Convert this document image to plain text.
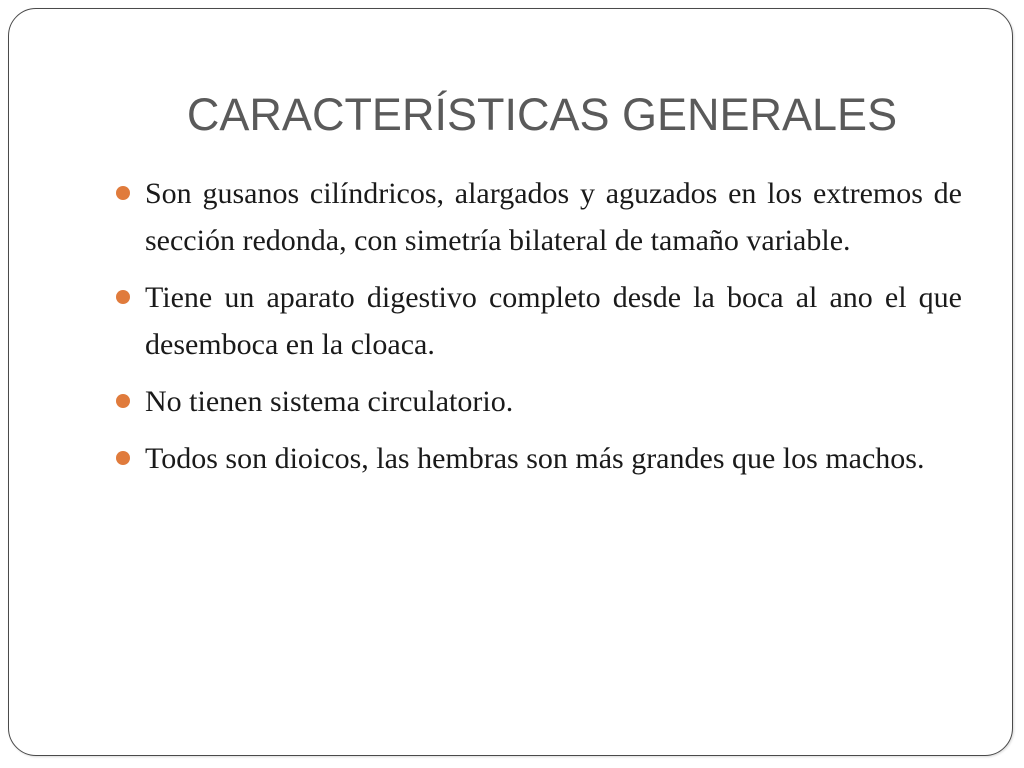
CARACTERÍSTICAS GENERALES
Son gusanos cilíndricos, alargados y aguzados en los extremos de sección redonda, con simetría bilateral de tamaño variable.
Tiene un aparato digestivo completo desde la boca al ano el que desemboca en la cloaca.
No tienen sistema circulatorio.
Todos son dioicos, las hembras son más grandes que los machos.
